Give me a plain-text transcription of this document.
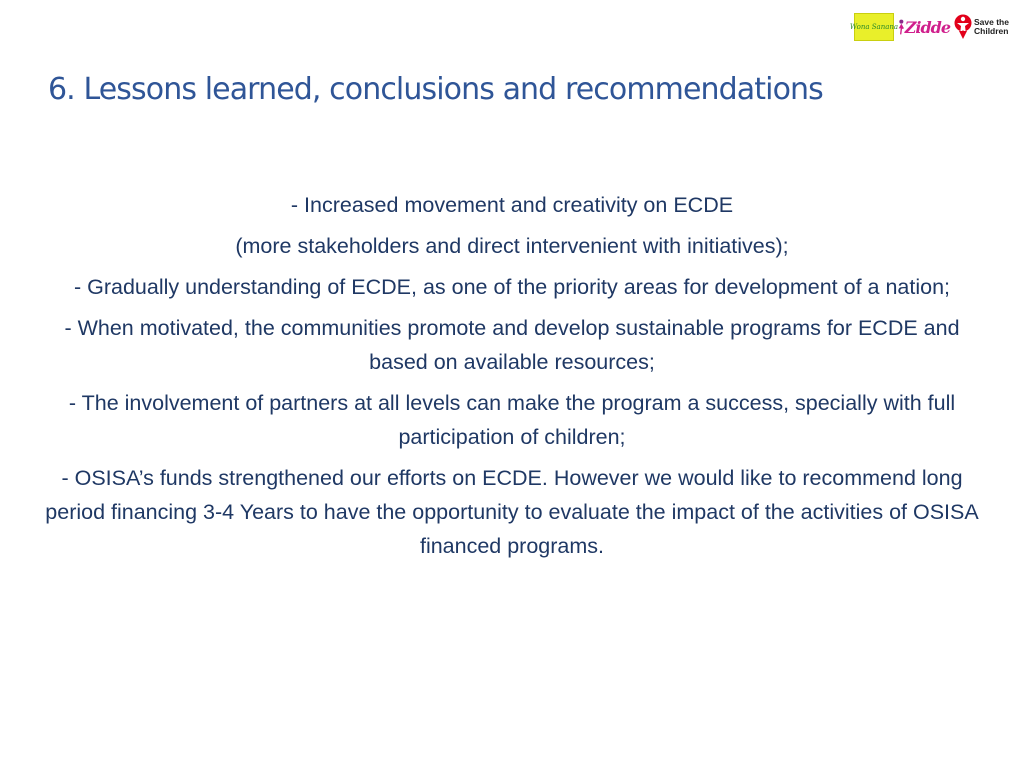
Wona Sanana Zidde	Save the Children
6. Lessons learned, conclusions and recommendations

- Increased movement and creativity on ECDE

(more stakeholders and direct intervenient with initiatives);

- Gradually understanding of ECDE, as one of the priority areas for development of a nation;

- When motivated, the communities promote and develop sustainable programs for ECDE and based on available resources;

- The involvement of partners at all levels can make the program a success, specially with full participation of children;

- OSISA’s funds strengthened our efforts on ECDE. However we would like to recommend long period financing 3-4 Years to have the opportunity to evaluate the impact of the activities of OSISA financed programs.
